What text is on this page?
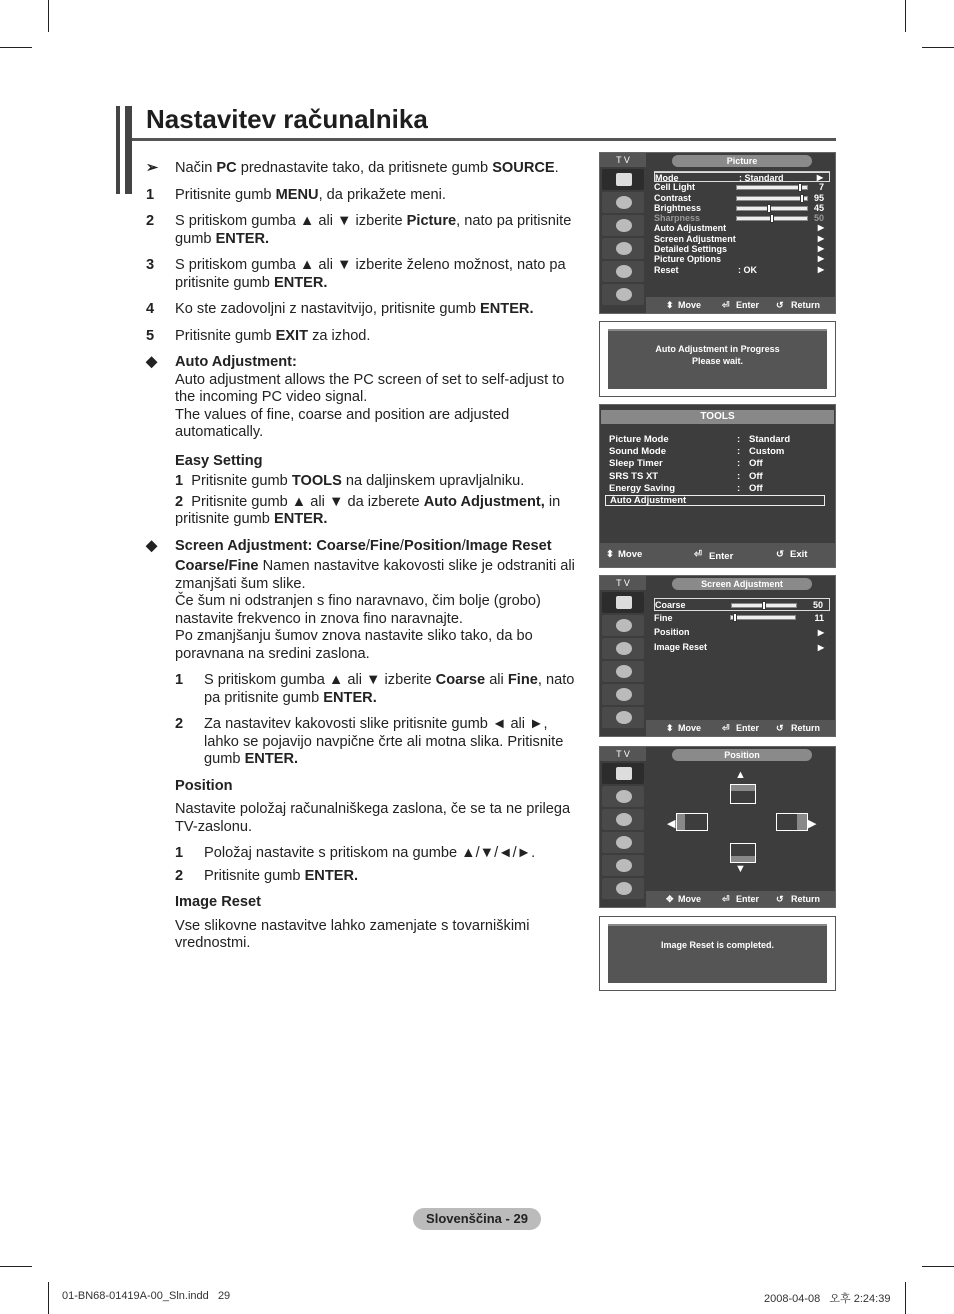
Nastavitev računalnika
➢	Način PC prednastavite tako, da pritisnete gumb SOURCE.
1	Pritisnite gumb MENU, da prikažete meni.
2	S pritiskom gumba ▲ ali ▼ izberite Picture, nato pa pritisnite gumb ENTER.
3	S pritiskom gumba ▲ ali ▼ izberite želeno možnost, nato pa pritisnite gumb ENTER.
4	Ko ste zadovoljni z nastavitvijo, pritisnite gumb ENTER.
5	Pritisnite gumb EXIT za izhod.
◆	Auto Adjustment:
Auto adjustment allows the PC screen of set to self-adjust to the incoming PC video signal.
The values of fine, coarse and position are adjusted automatically.
Easy Setting
1 Pritisnite gumb TOOLS na daljinskem upravljalniku.
2 Pritisnite gumb ▲ ali ▼ da izberete Auto Adjustment, in pritisnite gumb ENTER.
◆	Screen Adjustment: Coarse/Fine/Position/Image Reset
Coarse/Fine Namen nastavitve kakovosti slike je odstraniti ali zmanjšati šum slike.
Če šum ni odstranjen s fino naravnavo, čim bolje (grobo) nastavite frekvenco in znova fino naravnajte.
Po zmanjšanju šumov znova nastavite sliko tako, da bo poravnana na sredini zaslona.
1	S pritiskom gumba ▲ ali ▼ izberite Coarse ali Fine, nato pa pritisnite gumb ENTER.
2	Za nastavitev kakovosti slike pritisnite gumb ◄ ali ►, lahko se pojavijo navpične črte ali motna slika. Pritisnite gumb ENTER.
Position
Nastavite položaj računalniškega zaslona, če se ta ne prilega TV-zaslonu.
1	Položaj nastavite s pritiskom na gumbe ▲/▼/◄/►.
2	Pritisnite gumb ENTER.
Image Reset
Vse slikovne nastavitve lahko zamenjate s tovarniškimi vrednostmi.
T V	Picture
Mode	: Standard	▶
Cell Light	7
Contrast	95
Brightness	45
Sharpness	50
Auto Adjustment	▶
Screen Adjustment	▶
Detailed Settings	▶
Picture Options	▶
Reset	: OK	▶
⬍ Move ⏎ Enter ↺ Return
Auto Adjustment in Progress
Please wait.
TOOLS
Picture Mode	: Standard
Sound Mode	: Custom
Sleep Timer	: Off
SRS TS XT	: Off
Energy Saving	: Off
Auto Adjustment
⬍ Move	⏎ Enter	↺ Exit
T V	Screen Adjustment
Coarse	50
Fine	11
Position	▶
Image Reset	▶
⬍ Move ⏎ Enter ↺ Return
T V	Position
▲
◀	▶
▼
✥ Move ⏎ Enter ↺ Return
Image Reset is completed.
Slovenščina - 29
01-BN68-01419A-00_Sln.indd   29	2008-04-08   오후 2:24:39
